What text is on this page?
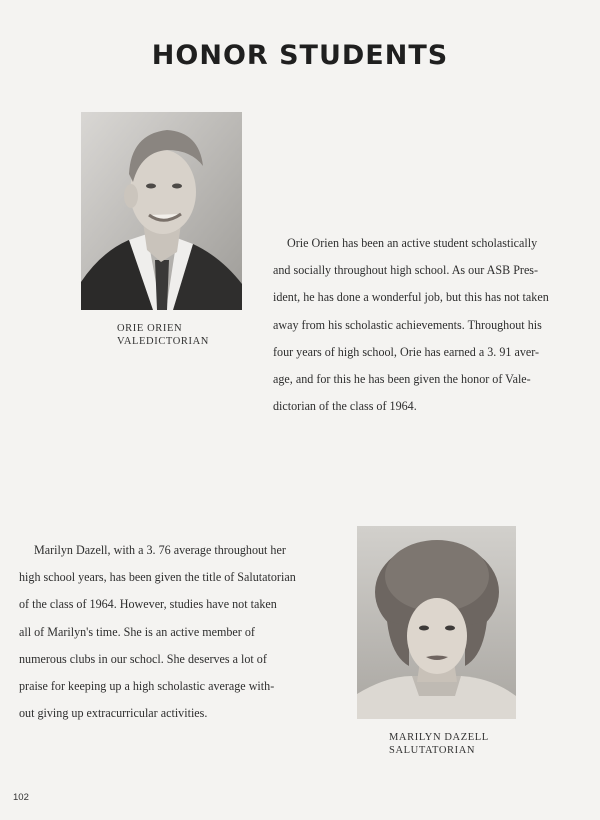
HONOR STUDENTS
ORIE ORIEN
VALEDICTORIAN
Orie Orien has been an active student scholastically
and socially throughout high school. As our ASB Pres-
ident, he has done a wonderful job, but this has not taken
away from his scholastic achievements. Throughout his
four years of high school, Orie has earned a 3. 91 aver-
age, and for this he has been given the honor of Vale-
dictorian of the class of 1964.
Marilyn Dazell, with a 3. 76 average throughout her
high school years, has been given the title of Salutatorian
of the class of 1964. However, studies have not taken
all of Marilyn's time. She is an active member of
numerous clubs in our schocl. She deserves a lot of
praise for keeping up a high scholastic average with-
out giving up extracurricular activities.
MARILYN DAZELL
SALUTATORIAN
102
